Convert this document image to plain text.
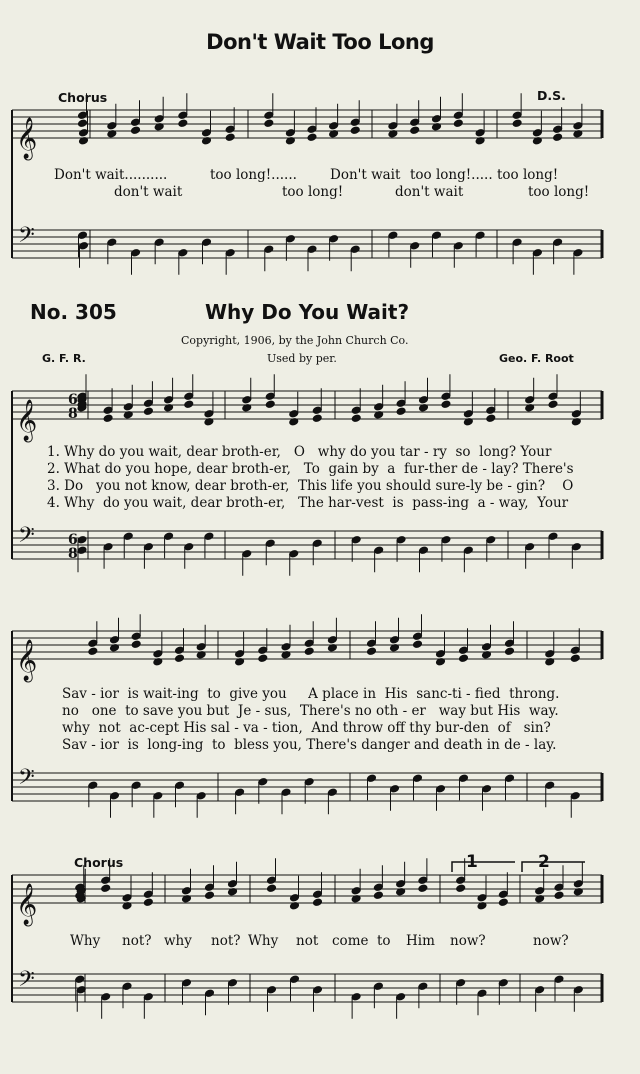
Don't Wait Too Long
Chorus	D.S.
Don't wait..........	too long!...... Don't wait too long!..... too long!
don't wait	too long!	don't wait	too long!
No. 305	Why Do You Wait?
Copyright, 1906, by the John Church Co.
G. F. R.	Used by per.	Geo. F. Root
1. Why do you wait, dear broth-er,   O   why do you tar - ry  so  long? Your
2. What do you hope, dear broth-er,   To  gain by  a  fur-ther de - lay? There's
3. Do   you not know, dear broth-er,  This life you should sure-ly be - gin?    O
4. Why  do you wait, dear broth-er,   The har-vest  is  pass-ing  a - way,  Your
Sav - ior  is wait-ing  to  give you     A place in  His  sanc-ti - fied  throng.
no   one  to save you but  Je - sus,  There's no oth - er   way but His  way.
why  not  ac-cept His sal - va - tion,  And throw off thy bur-den  of   sin?
Sav - ior  is  long-ing  to  bless you, There's danger and death in de - lay.
Chorus	1	2
Why not? why not? Why not come to Him now?	now?
𝄞
𝄢
𝄞
𝄢
𝄞
𝄢
𝄞
𝄢
6
8
6
8
